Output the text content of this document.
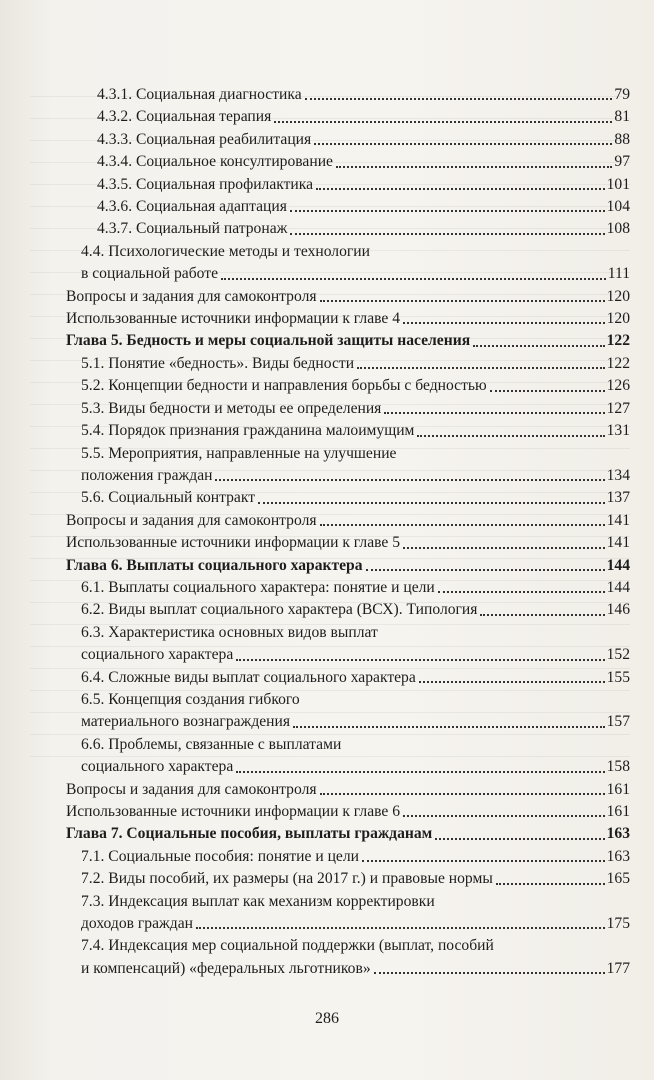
4.3.1. Социальная диагностика	79
4.3.2. Социальная терапия	81
4.3.3. Социальная реабилитация	88
4.3.4. Социальное консултирование	97
4.3.5. Социальная профилактика	101
4.3.6. Социальная адаптация	104
4.3.7. Социальный патронаж	108
4.4. Психологические методы и технологии
в социальной работе	111
Вопросы и задания для самоконтроля	120
Использованные источники информации к главе 4	120
Глава 5. Бедность и меры социальной защиты населения	122
5.1. Понятие «бедность». Виды бедности	122
5.2. Концепции бедности и направления борьбы с бедностью	126
5.3. Виды бедности и методы ее определения	127
5.4. Порядок признания гражданина малоимущим	131
5.5. Мероприятия, направленные на улучшение
положения граждан	134
5.6. Социальный контракт	137
Вопросы и задания для самоконтроля	141
Использованные источники информации к главе 5	141
Глава 6. Выплаты социального характера	144
6.1. Выплаты социального характера: понятие и цели	144
6.2. Виды выплат социального характера (ВСХ). Типология	146
6.3. Характеристика основных видов выплат
социального характера	152
6.4. Сложные виды выплат социального характера	155
6.5. Концепция создания гибкого
материального вознаграждения	157
6.6. Проблемы, связанные с выплатами
социального характера	158
Вопросы и задания для самоконтроля	161
Использованные источники информации к главе 6	161
Глава 7. Социальные пособия, выплаты гражданам	163
7.1. Социальные пособия: понятие и цели	163
7.2. Виды пособий, их размеры (на 2017 г.) и правовые нормы	165
7.3. Индексация выплат как механизм корректировки
доходов граждан	175
7.4. Индексация мер социальной поддержки (выплат, пособий
и компенсаций) «федеральных льготников»	177
286
